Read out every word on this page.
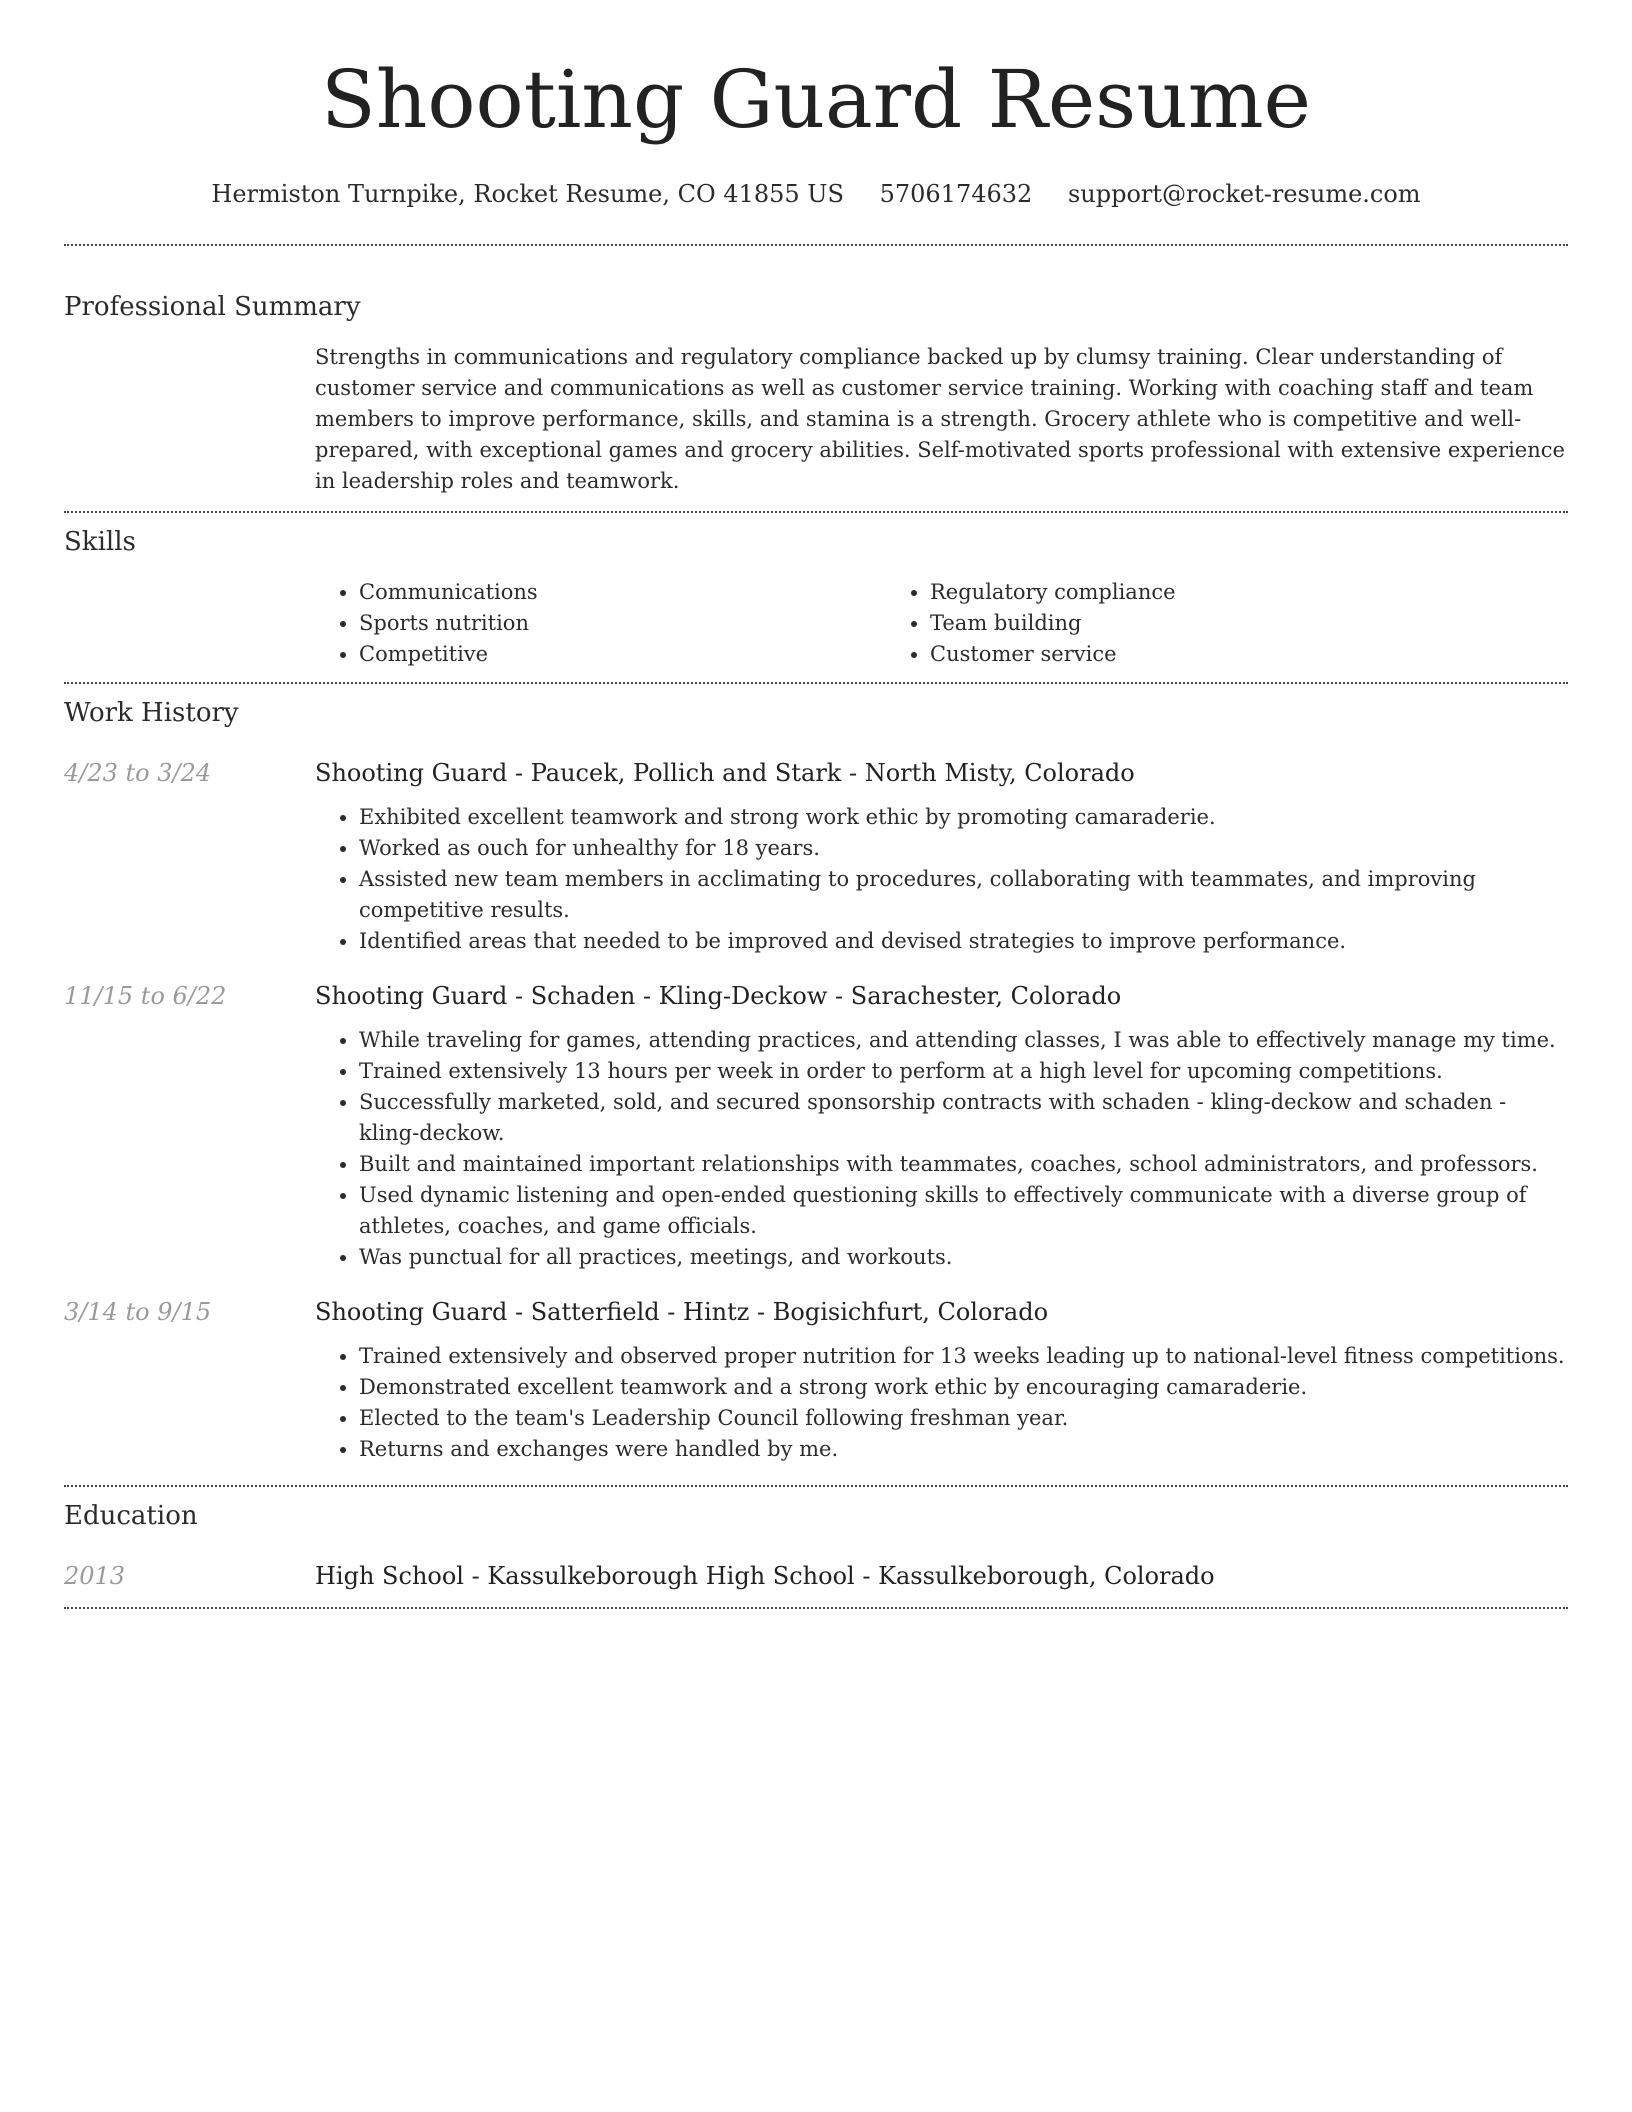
Shooting Guard Resume
Hermiston Turnpike, Rocket Resume, CO 41855 US 5706174632 support@rocket-resume.com
Professional Summary
Strengths in communications and regulatory compliance backed up by clumsy training. Clear understanding of customer service and communications as well as customer service training. Working with coaching staff and team members to improve performance, skills, and stamina is a strength. Grocery athlete who is competitive and well-prepared, with exceptional games and grocery abilities. Self-motivated sports professional with extensive experience in leadership roles and teamwork.
Skills
• Communications
• Sports nutrition
• Competitive
• Regulatory compliance
• Team building
• Customer service
Work History
4/23 to 3/24	Shooting Guard - Paucek, Pollich and Stark - North Misty, Colorado
• Exhibited excellent teamwork and strong work ethic by promoting camaraderie.
• Worked as ouch for unhealthy for 18 years.
• Assisted new team members in acclimating to procedures, collaborating with teammates, and improving competitive results.
• Identified areas that needed to be improved and devised strategies to improve performance.
11/15 to 6/22	Shooting Guard - Schaden - Kling-Deckow - Sarachester, Colorado
• While traveling for games, attending practices, and attending classes, I was able to effectively manage my time.
• Trained extensively 13 hours per week in order to perform at a high level for upcoming competitions.
• Successfully marketed, sold, and secured sponsorship contracts with schaden - kling-deckow and schaden - kling-deckow.
• Built and maintained important relationships with teammates, coaches, school administrators, and professors.
• Used dynamic listening and open-ended questioning skills to effectively communicate with a diverse group of athletes, coaches, and game officials.
• Was punctual for all practices, meetings, and workouts.
3/14 to 9/15	Shooting Guard - Satterfield - Hintz - Bogisichfurt, Colorado
• Trained extensively and observed proper nutrition for 13 weeks leading up to national-level fitness competitions.
• Demonstrated excellent teamwork and a strong work ethic by encouraging camaraderie.
• Elected to the team's Leadership Council following freshman year.
• Returns and exchanges were handled by me.
Education
2013	High School - Kassulkeborough High School - Kassulkeborough, Colorado
